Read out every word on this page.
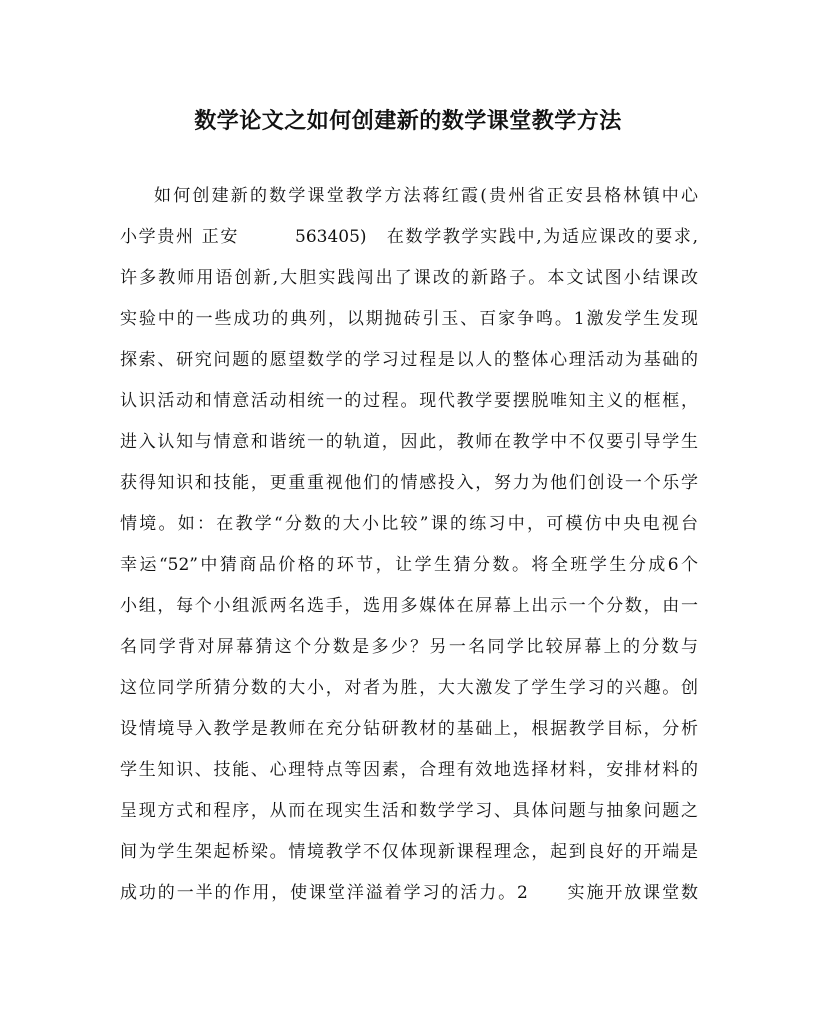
数学论文之如何创建新的数学课堂教学方法
如何创建新的数学课堂教学方法蒋红霞(贵州省正安县格林镇中心
小学贵州 正安　　　563405)　在数学教学实践中,为适应课改的要求,
许多教师用语创新,大胆实践闯出了课改的新路子。本文试图小结课改
实验中的一些成功的典列，以期抛砖引玉、百家争鸣。1激发学生发现
探索、研究问题的愿望数学的学习过程是以人的整体心理活动为基础的
认识活动和情意活动相统一的过程。现代教学要摆脱唯知主义的框框，
进入认知与情意和谐统一的轨道，因此，教师在教学中不仅要引导学生
获得知识和技能，更重重视他们的情感投入，努力为他们创设一个乐学
情境。如：在教学“分数的大小比较”课的练习中，可模仿中央电视台
幸运“52”中猜商品价格的环节，让学生猜分数。将全班学生分成6个
小组，每个小组派两名选手，选用多媒体在屏幕上出示一个分数，由一
名同学背对屏幕猜这个分数是多少？另一名同学比较屏幕上的分数与
这位同学所猜分数的大小，对者为胜，大大激发了学生学习的兴趣。创
设情境导入教学是教师在充分钻研教材的基础上，根据教学目标，分析
学生知识、技能、心理特点等因素，合理有效地选择材料，安排材料的
呈现方式和程序，从而在现实生活和数学学习、具体问题与抽象问题之
间为学生架起桥梁。情境教学不仅体现新课程理念，起到良好的开端是
成功的一半的作用，使课堂洋溢着学习的活力。2　　实施开放课堂数
